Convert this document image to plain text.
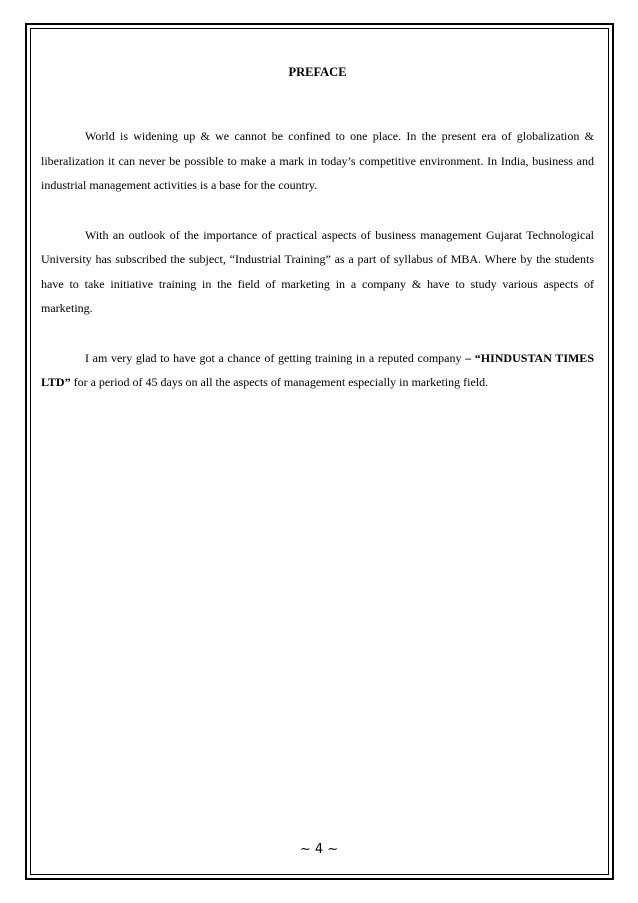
PREFACE

World is widening up & we cannot be confined to one place. In the present era of globalization & liberalization it can never be possible to make a mark in today’s competitive environment. In India, business and industrial management activities is a base for the country.

With an outlook of the importance of practical aspects of business management Gujarat Technological University has subscribed the subject, “Industrial Training” as a part of syllabus of MBA. Where by the students have to take initiative training in the field of marketing in a company & have to study various aspects of marketing.

I am very glad to have got a chance of getting training in a reputed company – “HINDUSTAN TIMES LTD” for a period of 45 days on all the aspects of management especially in marketing field.

~ 4 ~
